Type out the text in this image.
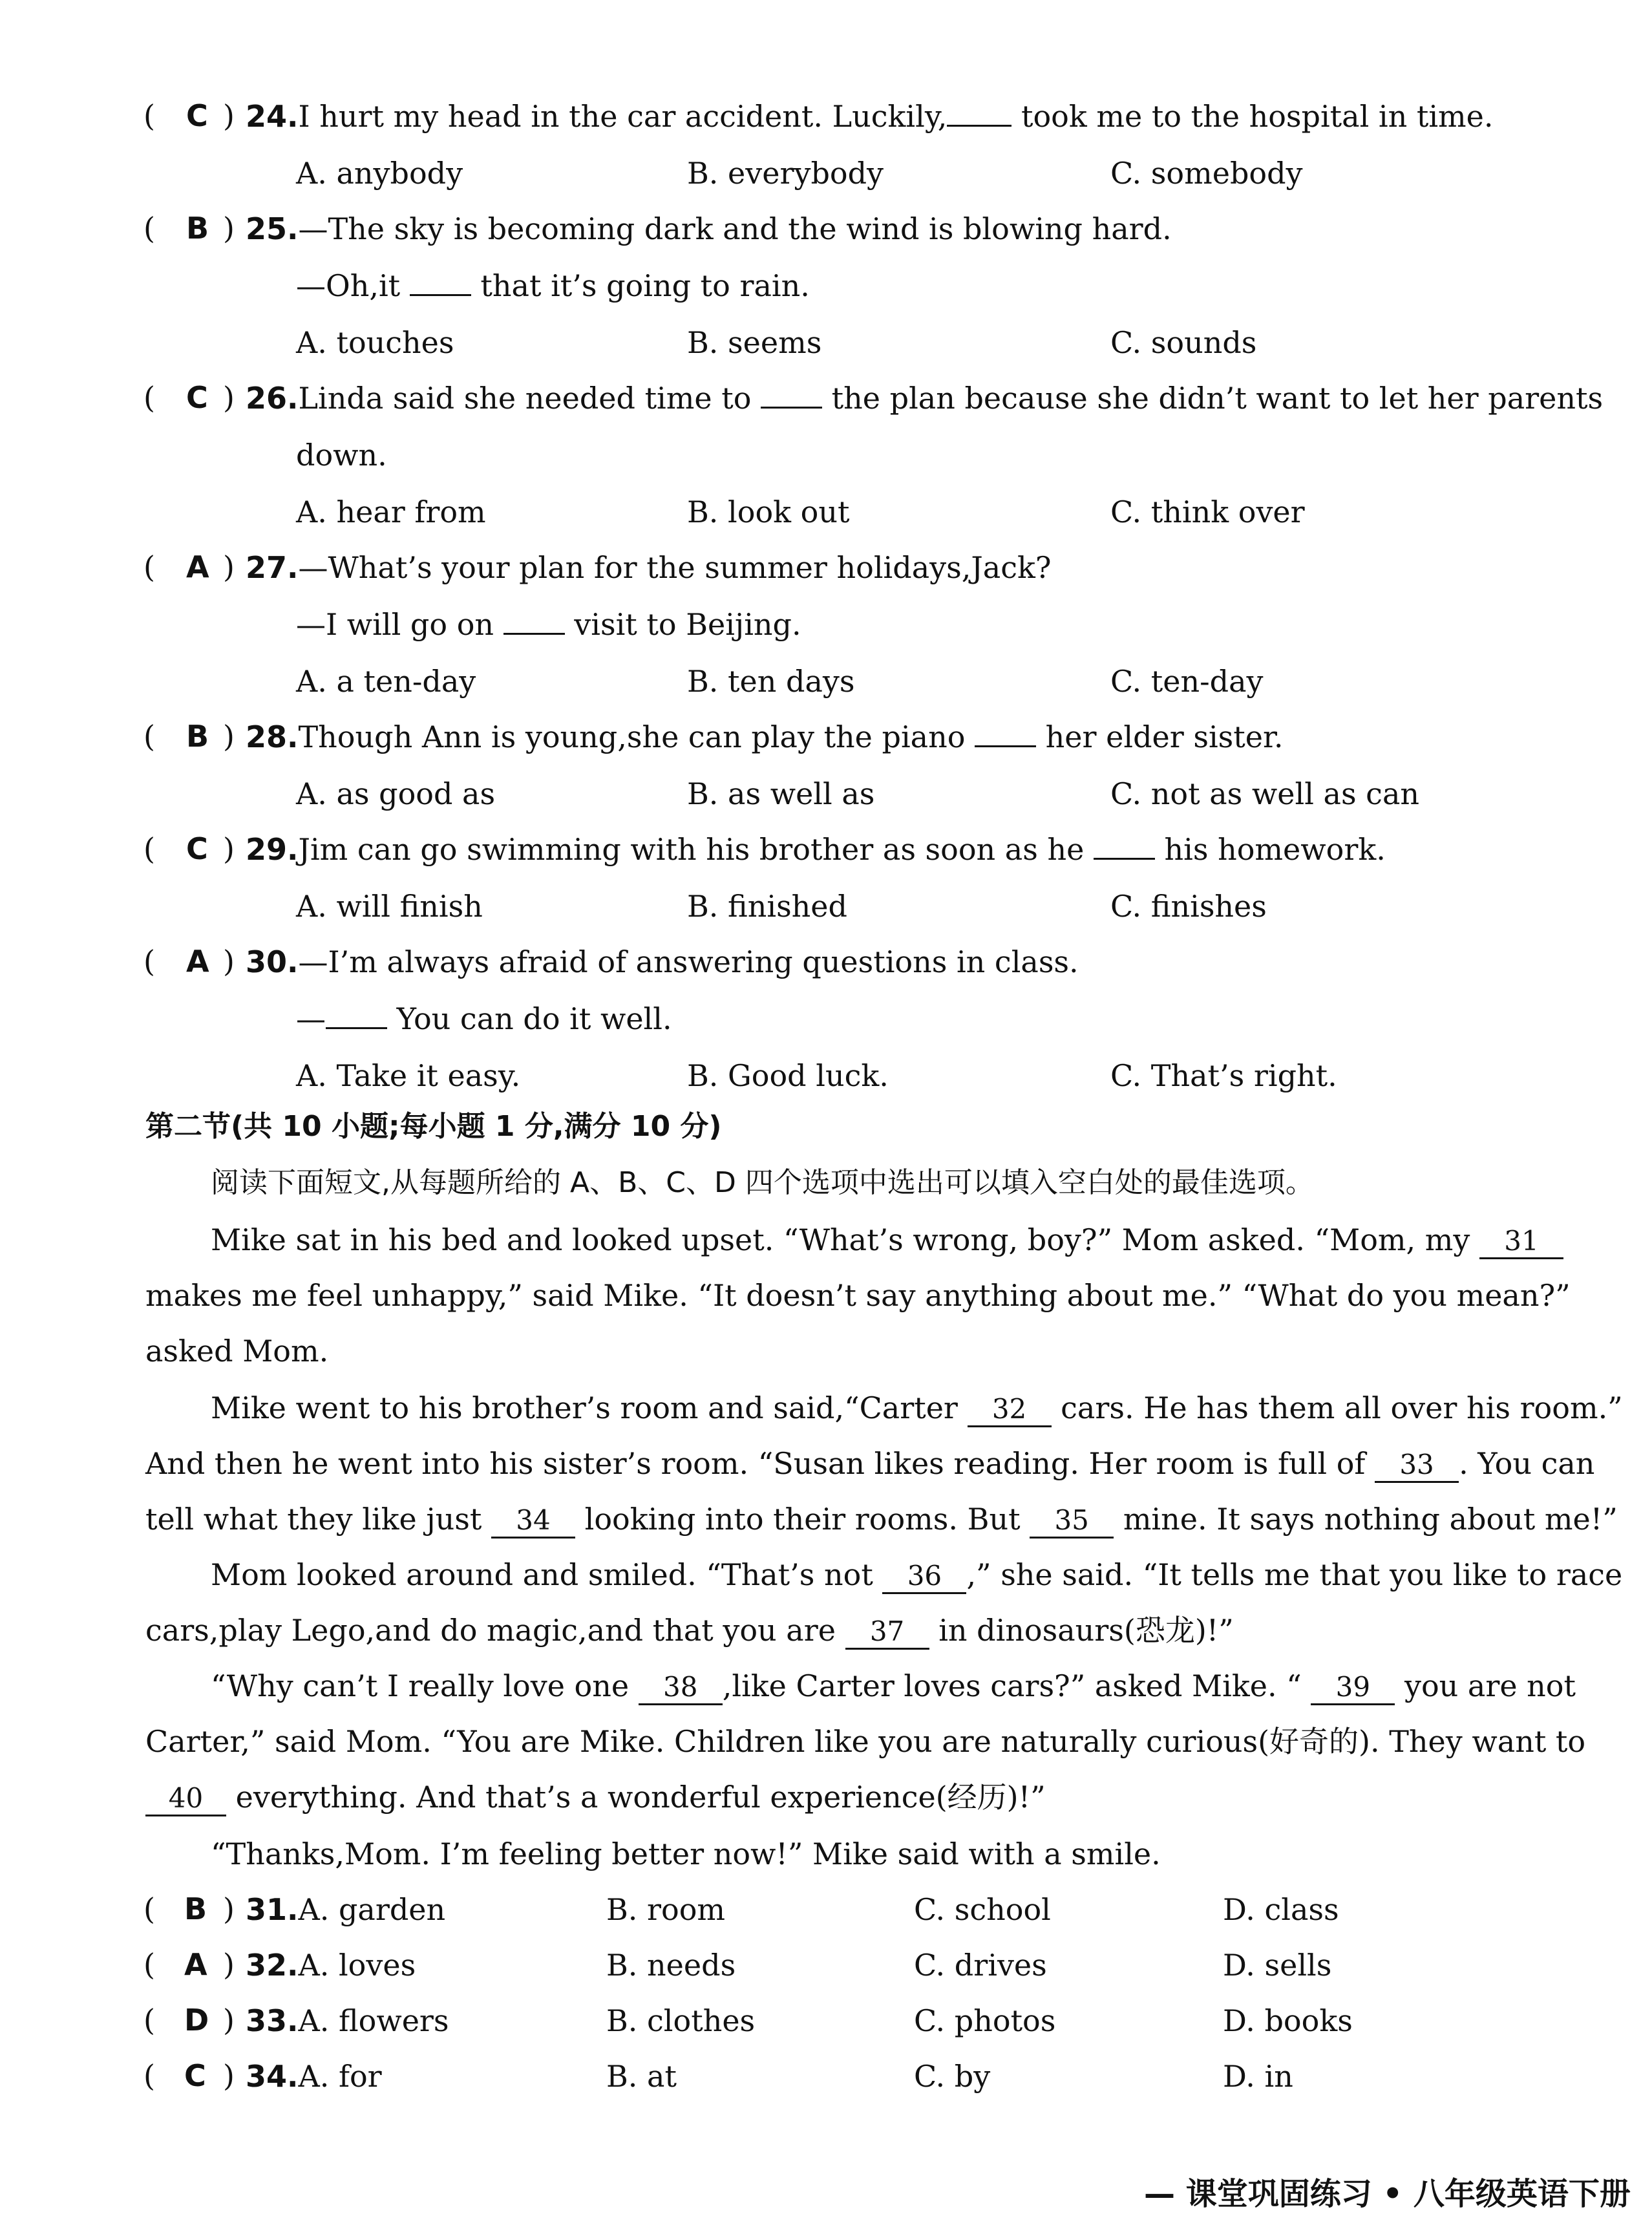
( C ) 24.I hurt my head in the car accident. Luckily, took me to the hospital in time.
A. anybody	B. everybody	C. somebody
( B ) 25.—The sky is becoming dark and the wind is blowing hard.
—Oh,it  that it’s going to rain.
A. touches	B. seems	C. sounds
( C ) 26.Linda said she needed time to  the plan because she didn’t want to let her parents
down.
A. hear from	B. look out	C. think over
( A ) 27.—What’s your plan for the summer holidays,Jack?
—I will go on  visit to Beijing.
A. a ten-day	B. ten days	C. ten-day
( B ) 28.Though Ann is young,she can play the piano  her elder sister.
A. as good as	B. as well as	C. not as well as can
( C ) 29.Jim can go swimming with his brother as soon as he  his homework.
A. will finish	B. finished	C. finishes
( A ) 30.—I’m always afraid of answering questions in class.
— You can do it well.
A. Take it easy.	B. Good luck.	C. That’s right.
第二节(共 10 小题;每小题 1 分,满分 10 分)
阅读下面短文,从每题所给的 A、B、C、D 四个选项中选出可以填入空白处的最佳选项。
Mike sat in his bed and looked upset. “What’s wrong, boy?” Mom asked. “Mom, my 31
makes me feel unhappy,” said Mike. “It doesn’t say anything about me.” “What do you mean?”
asked Mom.
Mike went to his brother’s room and said,“Carter 32 cars. He has them all over his room.”
And then he went into his sister’s room. “Susan likes reading. Her room is full of 33 . You can
tell what they like just 34 looking into their rooms. But 35 mine. It says nothing about me!”
Mom looked around and smiled. “That’s not 36 ,” she said. “It tells me that you like to race
cars,play Lego,and do magic,and that you are 37 in dinosaurs(恐龙)!”
“Why can’t I really love one 38 ,like Carter loves cars?” asked Mike. “ 39 you are not
Carter,” said Mom. “You are Mike. Children like you are naturally curious(好奇的). They want to
40 everything. And that’s a wonderful experience(经历)!”
“Thanks,Mom. I’m feeling better now!” Mike said with a smile.
( B ) 31.A. garden	B. room	C. school	D. class
( A ) 32.A. loves	B. needs	C. drives	D. sells
( D ) 33.A. flowers	B. clothes	C. photos	D. books
( C ) 34.A. for	B. at	C. by	D. in
— 课堂巩固练习 • 八年级英语下册
